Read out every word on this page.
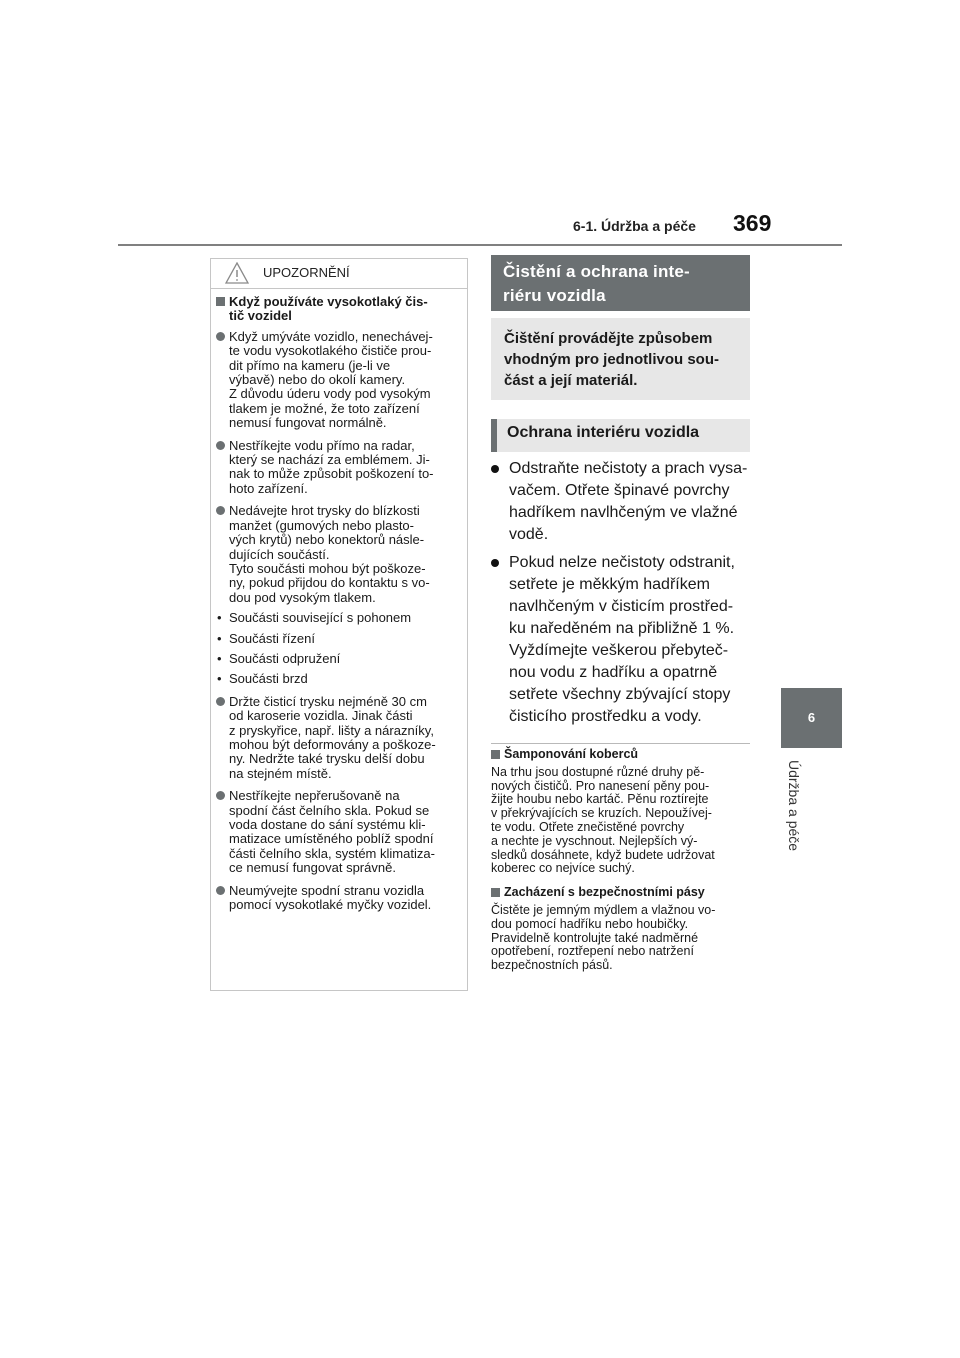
6-1. Údržba a péče 369
6
Údržba a péče
UPOZORNĚNÍ
Když používáte vysokotlaký čis-
tič vozidel
Když umýváte vozidlo, nenechávej-
te vodu vysokotlakého čističe prou-
dit přímo na kameru (je-li ve
výbavě) nebo do okolí kamery.
Z důvodu úderu vody pod vysokým
tlakem je možné, že toto zařízení
nemusí fungovat normálně.
Nestříkejte vodu přímo na radar,
který se nachází za emblémem. Ji-
nak to může způsobit poškození to-
hoto zařízení.
Nedávejte hrot trysky do blízkosti
manžet (gumových nebo plasto-
vých krytů) nebo konektorů násle-
dujících součástí.
Tyto součásti mohou být poškoze-
ny, pokud přijdou do kontaktu s vo-
dou pod vysokým tlakem.
• Součásti související s pohonem
• Součásti řízení
• Součásti odpružení
• Součásti brzd
Držte čisticí trysku nejméně 30 cm
od karoserie vozidla. Jinak části
z pryskyřice, např. lišty a nárazníky,
mohou být deformovány a poškoze-
ny. Nedržte také trysku delší dobu
na stejném místě.
Nestříkejte nepřerušovaně na
spodní část čelního skla. Pokud se
voda dostane do sání systému kli-
matizace umístěného poblíž spodní
části čelního skla, systém klimatiza-
ce nemusí fungovat správně.
Neumývejte spodní stranu vozidla
pomocí vysokotlaké myčky vozidel.
Čistění a ochrana inte-
riéru vozidla
Čištění provádějte způsobem
vhodným pro jednotlivou sou-
část a její materiál.
Ochrana interiéru vozidla
Odstraňte nečistoty a prach vysa-
vačem. Otřete špinavé povrchy
hadříkem navlhčeným ve vlažné
vodě.
Pokud nelze nečistoty odstranit,
setřete je měkkým hadříkem
navlhčeným v čisticím prostřed-
ku naředěném na přibližně 1 %.
Vyždímejte veškerou přebyteč-
nou vodu z hadříku a opatrně
setřete všechny zbývající stopy
čisticího prostředku a vody.
Šamponování koberců
Na trhu jsou dostupné různé druhy pě-
nových čističů. Pro nanesení pěny pou-
žijte houbu nebo kartáč. Pěnu roztírejte
v překrývajících se kruzích. Nepoužívej-
te vodu. Otřete znečistěné povrchy
a nechte je vyschnout. Nejlepších vý-
sledků dosáhnete, když budete udržovat
koberec co nejvíce suchý.
Zacházení s bezpečnostními pásy
Čistěte je jemným mýdlem a vlažnou vo-
dou pomocí hadříku nebo houbičky.
Pravidelně kontrolujte také nadměrné
opotřebení, roztřepení nebo natržení
bezpečnostních pásů.
